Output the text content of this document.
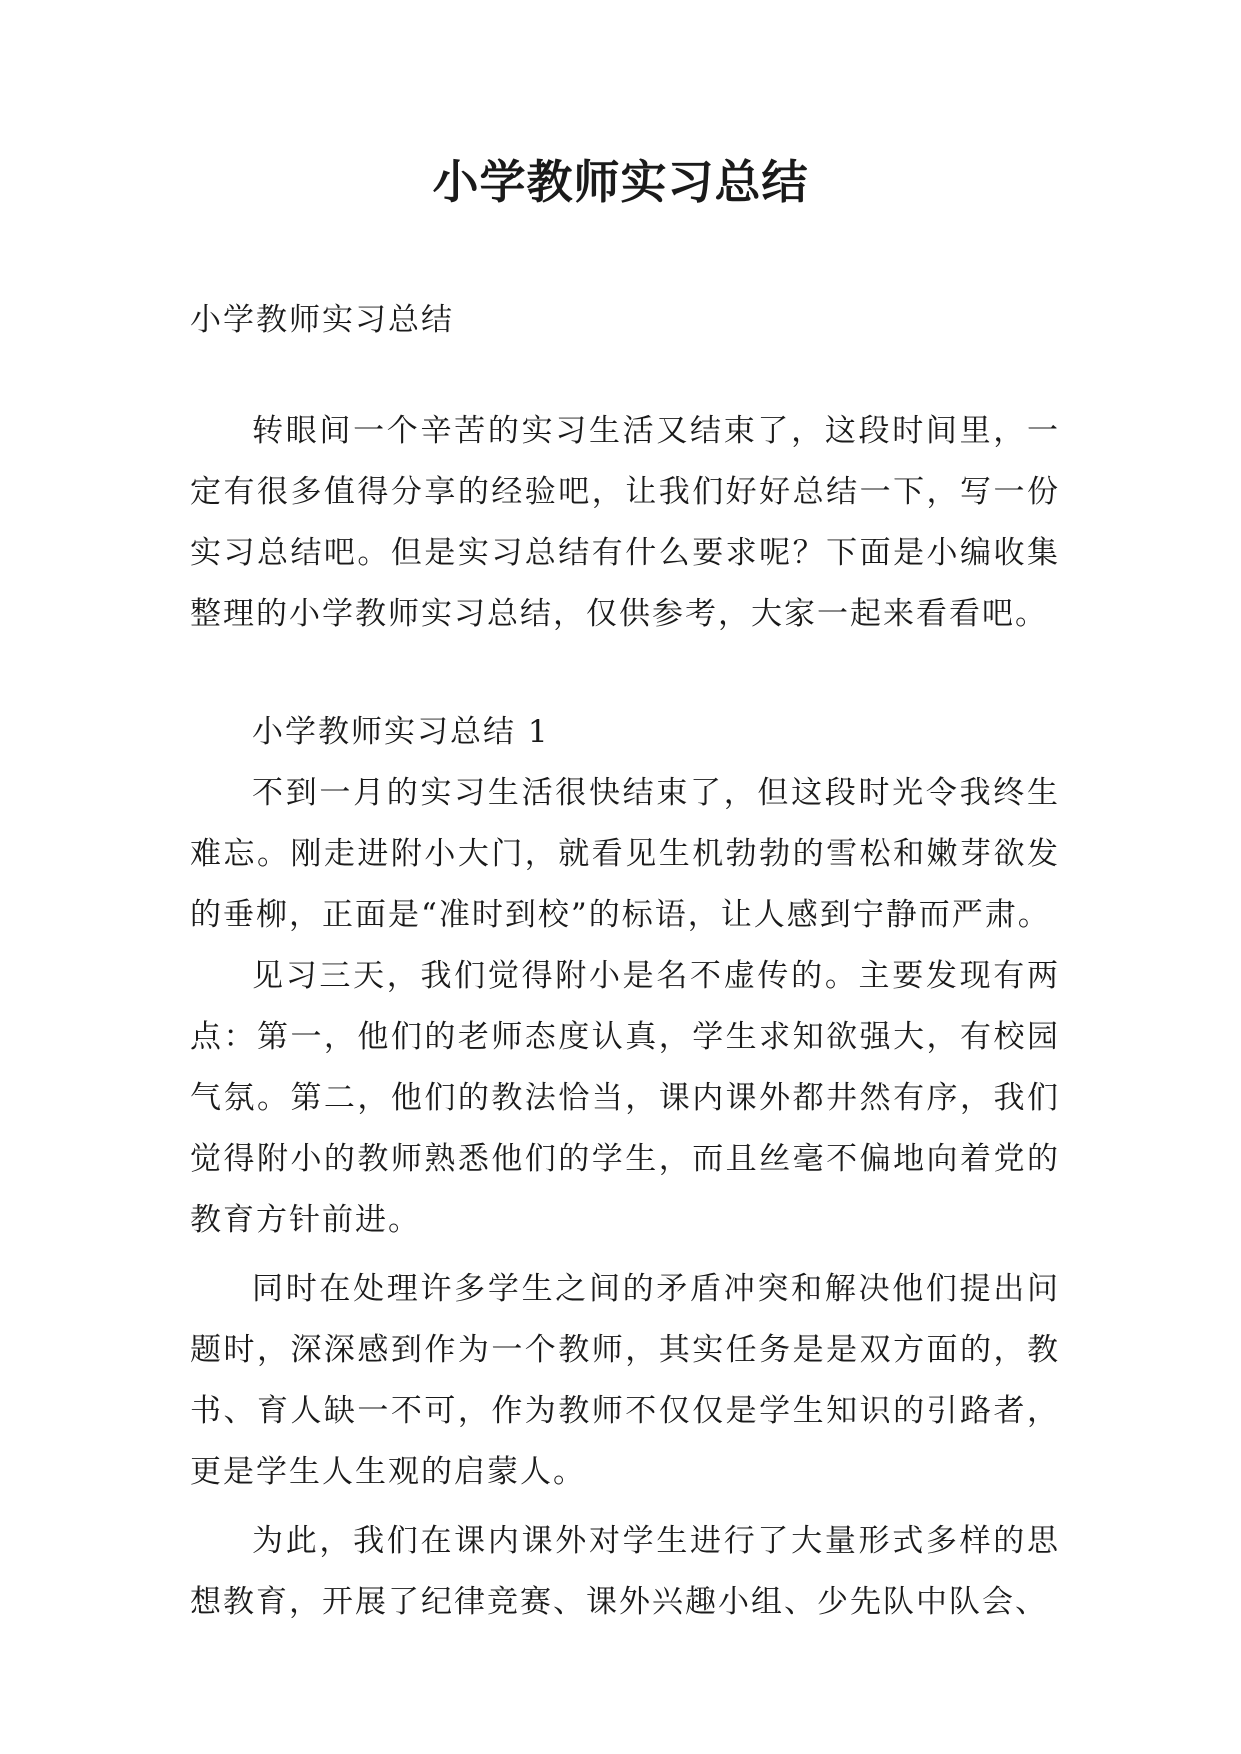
小学教师实习总结

小学教师实习总结

转眼间一个辛苦的实习生活又结束了，这段时间里，一定有很多值得分享的经验吧，让我们好好总结一下，写一份实习总结吧。但是实习总结有什么要求呢？下面是小编收集整理的小学教师实习总结，仅供参考，大家一起来看看吧。

小学教师实习总结 1

不到一月的实习生活很快结束了，但这段时光令我终生难忘。刚走进附小大门，就看见生机勃勃的雪松和嫩芽欲发的垂柳，正面是“准时到校”的标语，让人感到宁静而严肃。

见习三天，我们觉得附小是名不虚传的。主要发现有两点：第一，他们的老师态度认真，学生求知欲强大，有校园气氛。第二，他们的教法恰当，课内课外都井然有序，我们觉得附小的教师熟悉他们的学生，而且丝毫不偏地向着党的教育方针前进。

同时在处理许多学生之间的矛盾冲突和解决他们提出问题时，深深感到作为一个教师，其实任务是是双方面的，教书、育人缺一不可，作为教师不仅仅是学生知识的引路者，更是学生人生观的启蒙人。

为此，我们在课内课外对学生进行了大量形式多样的思想教育，开展了纪律竞赛、课外兴趣小组、少先队中队会、
